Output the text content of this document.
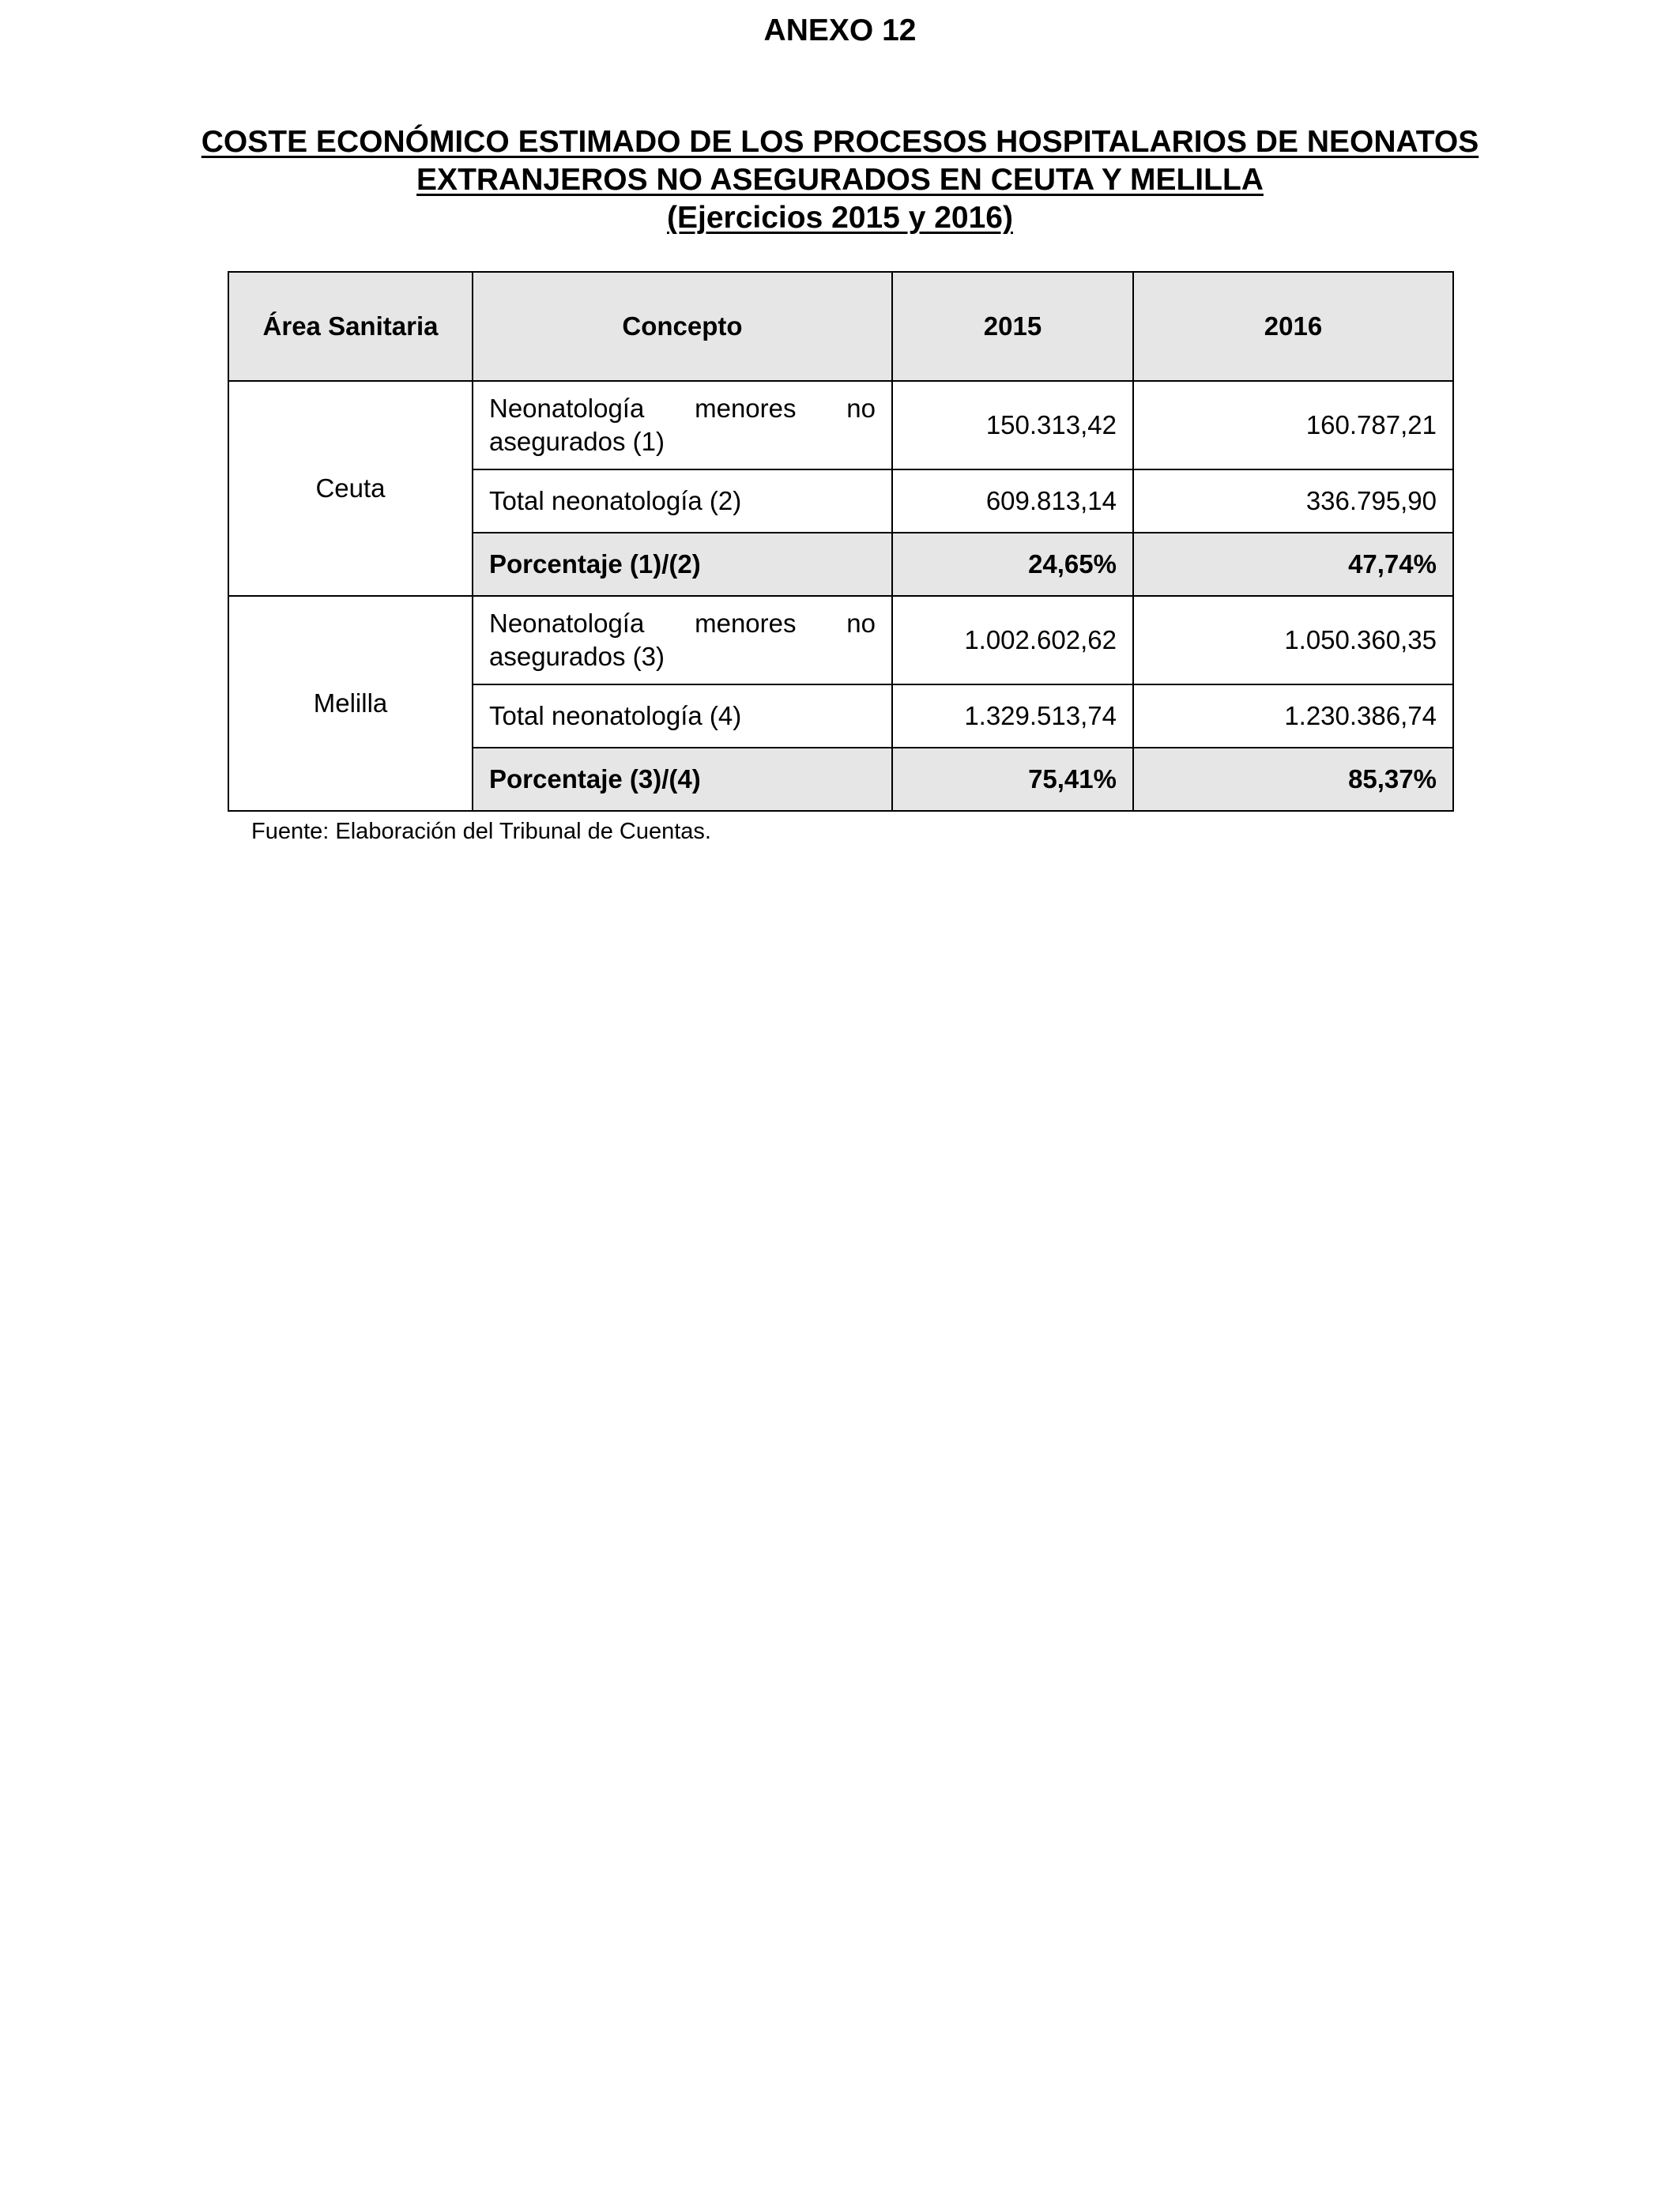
ANEXO 12
COSTE ECONÓMICO ESTIMADO DE LOS PROCESOS HOSPITALARIOS DE NEONATOS
EXTRANJEROS NO ASEGURADOS EN CEUTA Y MELILLA
(Ejercicios 2015 y 2016)
Área Sanitaria	Concepto	2015	2016
Ceuta	Neonatología menores no asegurados (1)	150.313,42	160.787,21
	Total neonatología (2)	609.813,14	336.795,90
	Porcentaje (1)/(2)	24,65%	47,74%
Melilla	Neonatología menores no asegurados (3)	1.002.602,62	1.050.360,35
	Total neonatología (4)	1.329.513,74	1.230.386,74
	Porcentaje (3)/(4)	75,41%	85,37%
Fuente: Elaboración del Tribunal de Cuentas.
